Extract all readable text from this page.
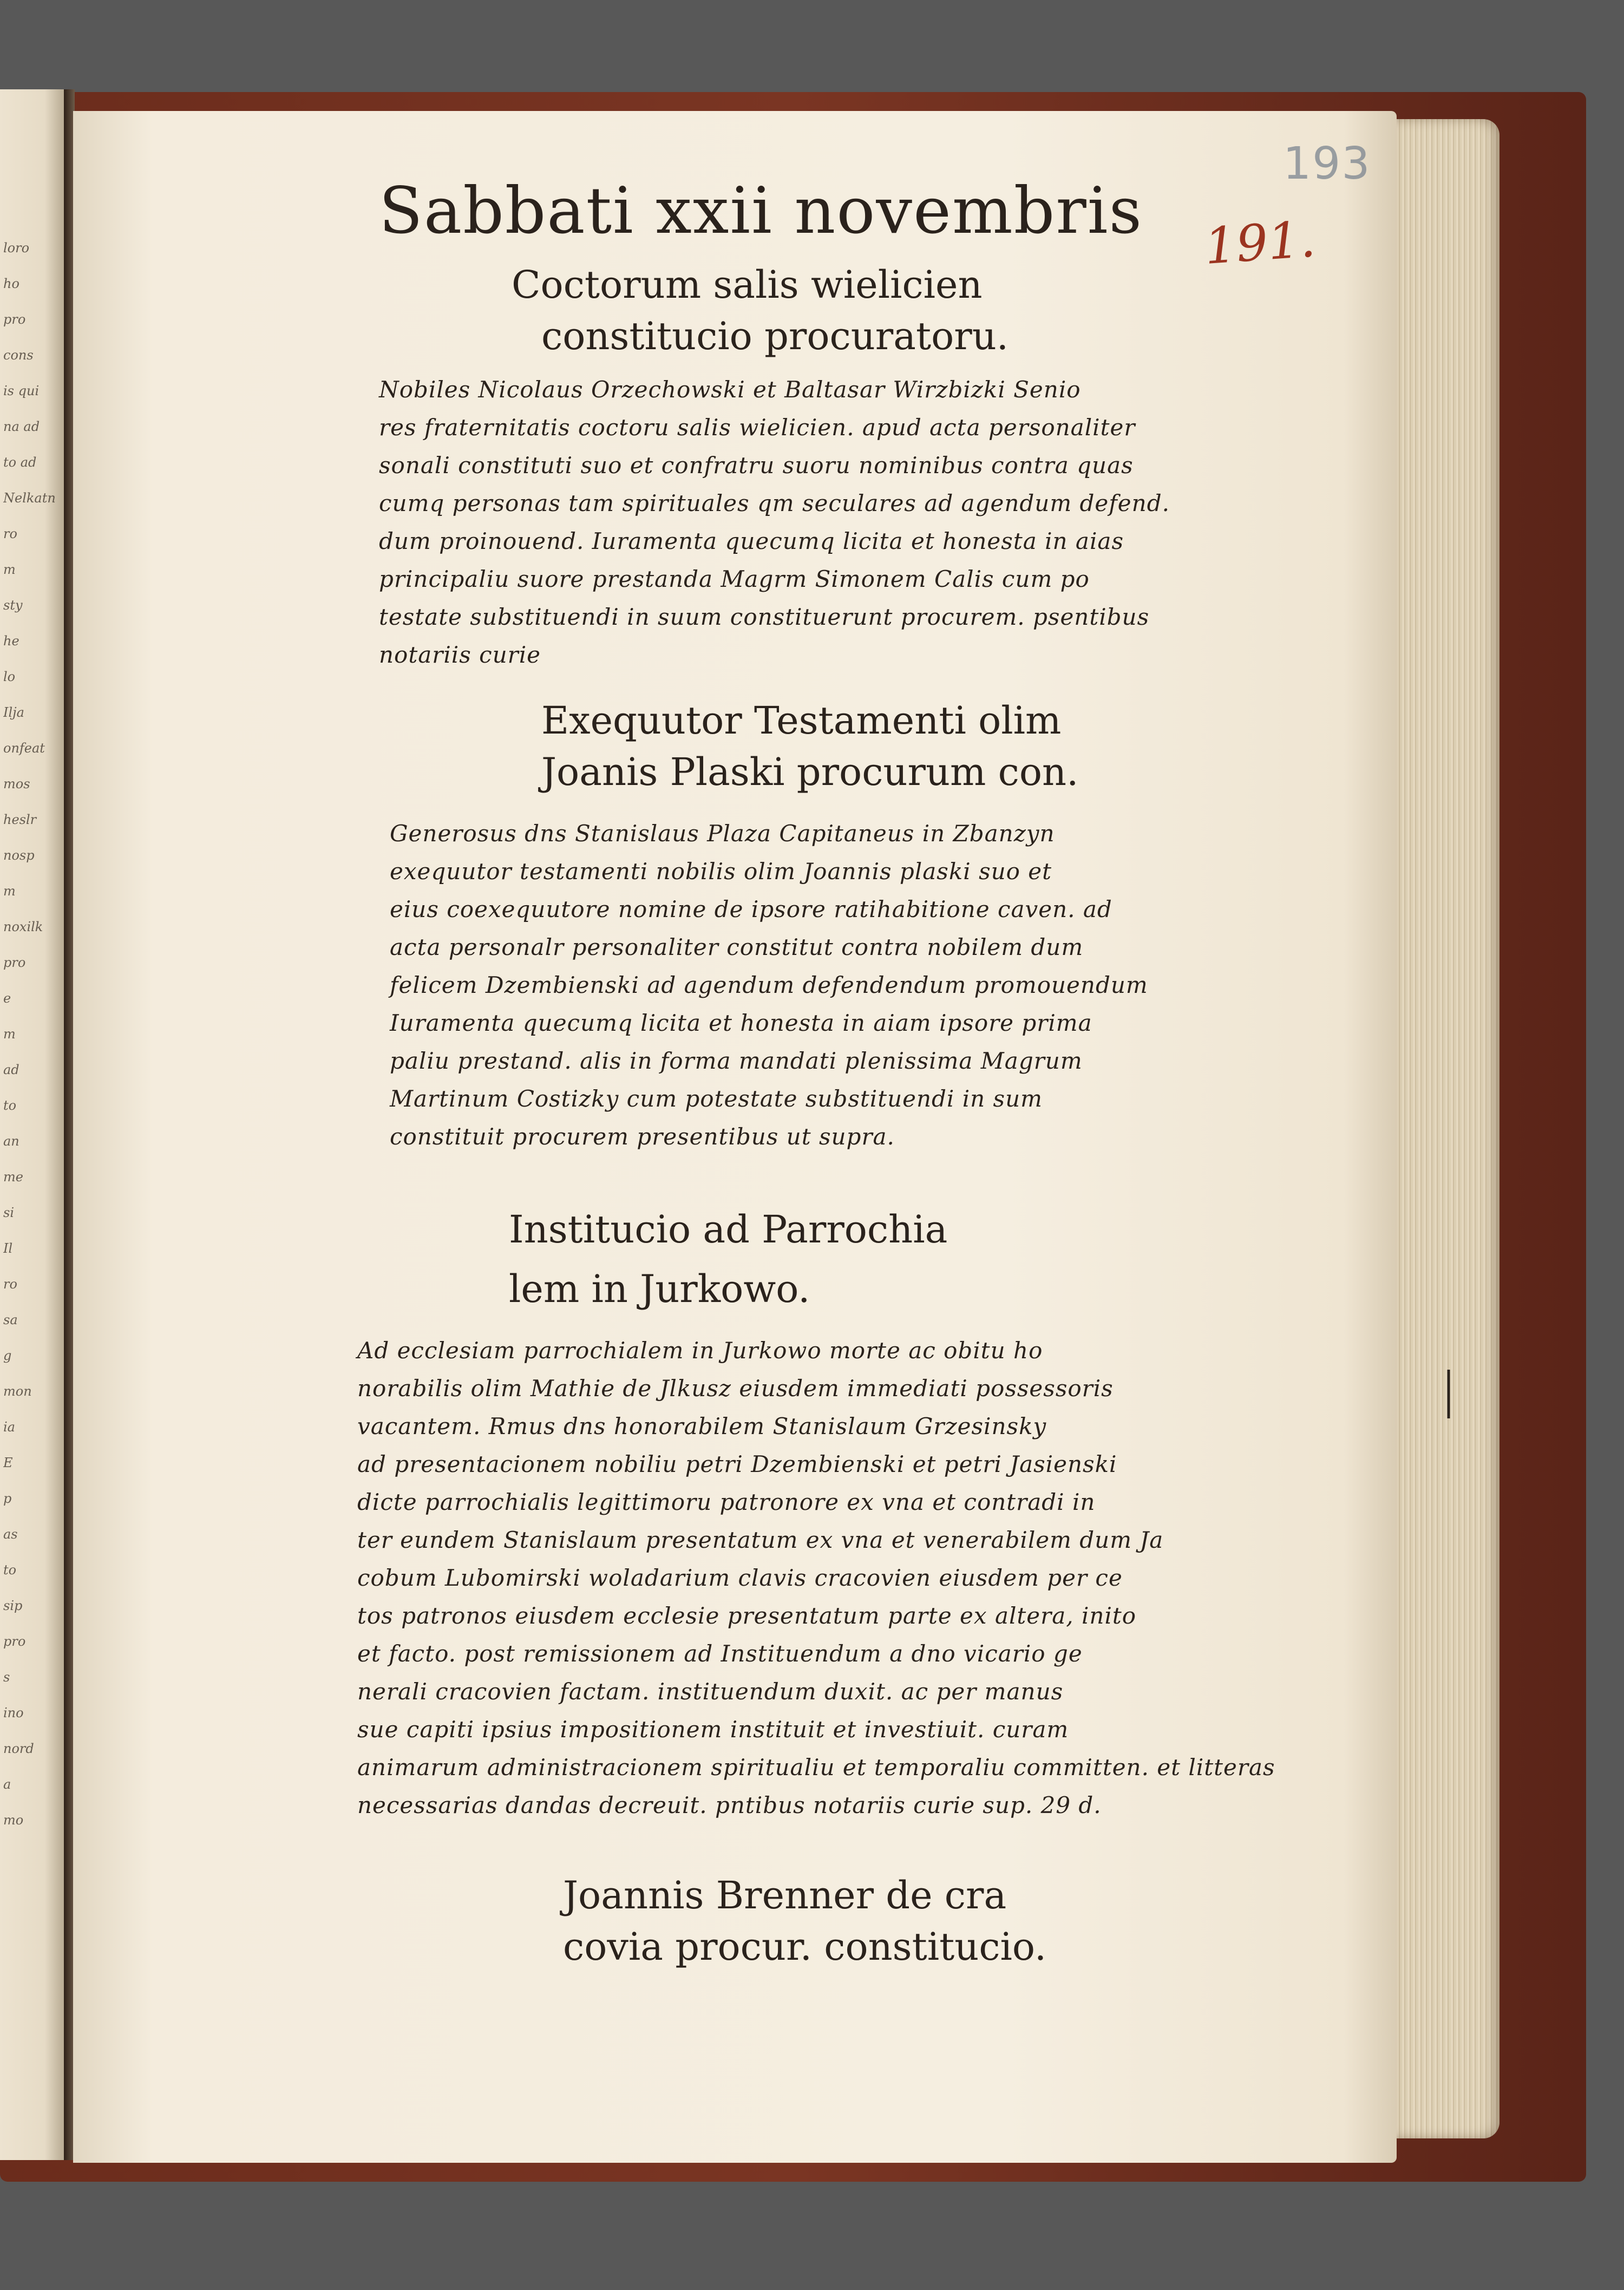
loro
ho
pro
cons
is qui
na ad
to ad
Nelkatn
ro
m
sty
he
lo
Ilja
onfeat
mos
heslr
nosp
m
noxilk
pro
e
m
ad
to
an
me
si
Il
ro
sa
g
mon
ia
E
p
as
to
sip
pro
s
ino
nord
a
mo
193
191.
Sabbati xxii novembris
Coctorum salis wielicien
constitucio procuratoru.
Nobiles Nicolaus Orzechowski et Baltasar Wirzbizki Senio
res fraternitatis coctoru salis wielicien. apud acta personaliter
sonali constituti suo et confratru suoru nominibus contra quas
cumq personas tam spirituales qm seculares ad agendum defend.
dum proinouend. Iuramenta quecumq licita et honesta in aias
principaliu suore prestanda Magrm Simonem Calis cum po
testate substituendi in suum constituerunt procurem. psentibus
notariis curie
Exequutor Testamenti olim
Joanis Plaski procurum con.
Generosus dns Stanislaus Plaza Capitaneus in Zbanzyn
exequutor testamenti nobilis olim Joannis plaski suo et
eius coexequutore nomine de ipsore ratihabitione caven. ad
acta personalr personaliter constitut contra nobilem dum
felicem Dzembienski ad agendum defendendum promouendum
Iuramenta quecumq licita et honesta in aiam ipsore prima
paliu prestand. alis in forma mandati plenissima Magrum
Martinum Costizky cum potestate substituendi in sum
constituit procurem presentibus ut supra.
Institucio ad Parrochia
lem in Jurkowo.
Ad ecclesiam parrochialem in Jurkowo morte ac obitu ho
norabilis olim Mathie de Jlkusz eiusdem immediati possessoris
vacantem. Rmus dns honorabilem Stanislaum Grzesinsky
ad presentacionem nobiliu petri Dzembienski et petri Jasienski
dicte parrochialis legittimoru patronore ex vna et contradi in
ter eundem Stanislaum presentatum ex vna et venerabilem dum Ja
cobum Lubomirski woladarium clavis cracovien eiusdem per ce
tos patronos eiusdem ecclesie presentatum parte ex altera, inito
et facto. post remissionem ad Instituendum a dno vicario ge
nerali cracovien factam. instituendum duxit. ac per manus
sue capiti ipsius impositionem instituit et investiuit. curam
animarum administracionem spiritualiu et temporaliu committen. et litteras
necessarias dandas decreuit. pntibus notariis curie sup. 29 d.
Joannis Brenner de cra
covia procur. constitucio.
